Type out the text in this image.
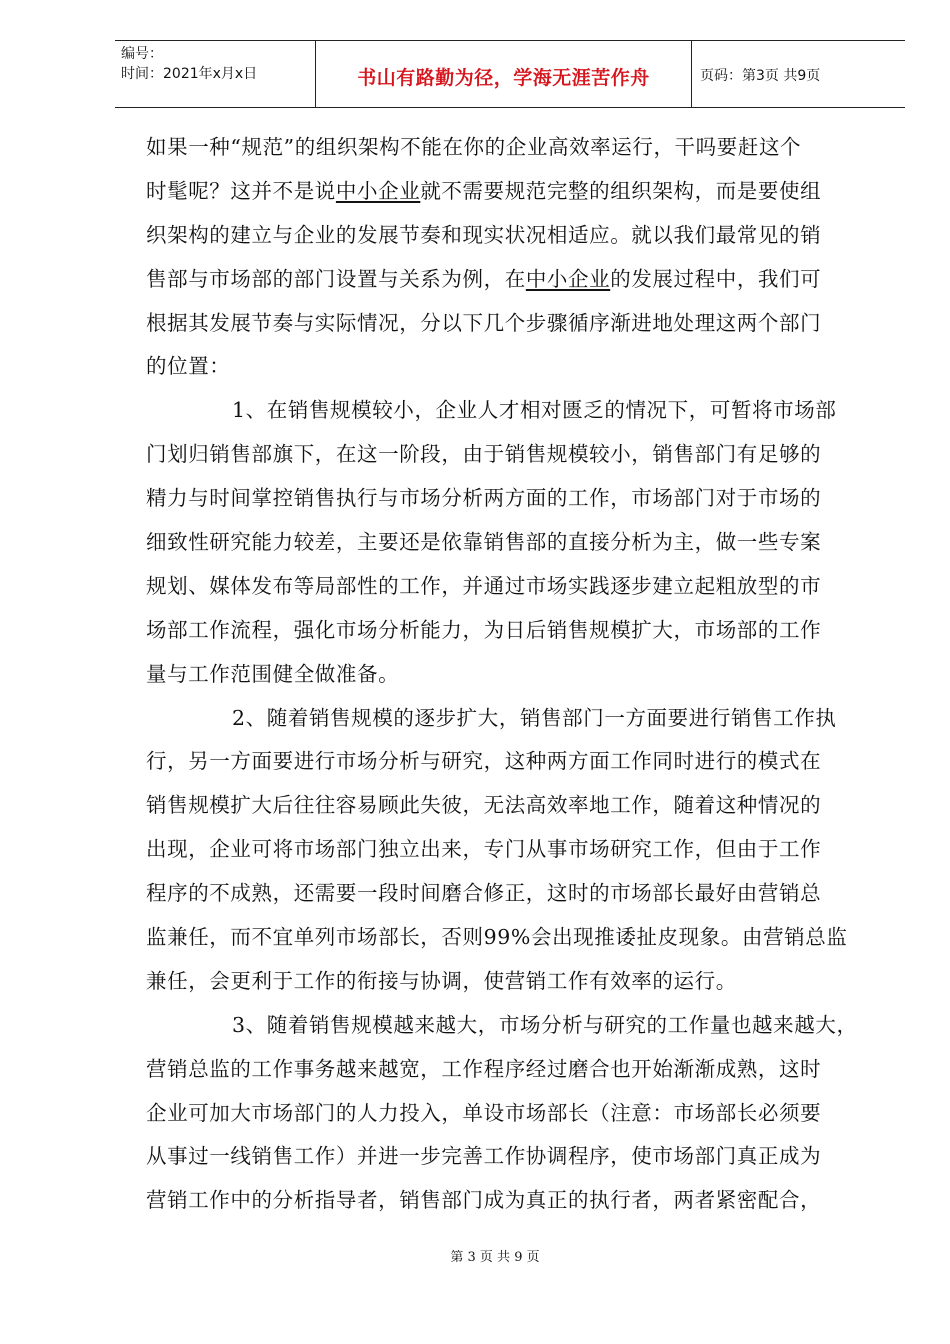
编号：
时间：2021年x月x日	书山有路勤为径，学海无涯苦作舟	页码：第3页 共9页
如果一种“规范”的组织架构不能在你的企业高效率运行，干吗要赶这个
时髦呢？这并不是说中小企业就不需要规范完整的组织架构，而是要使组
织架构的建立与企业的发展节奏和现实状况相适应。就以我们最常见的销
售部与市场部的部门设置与关系为例，在中小企业的发展过程中，我们可
根据其发展节奏与实际情况，分以下几个步骤循序渐进地处理这两个部门
的位置：
1、在销售规模较小，企业人才相对匮乏的情况下，可暂将市场部
门划归销售部旗下，在这一阶段，由于销售规模较小，销售部门有足够的
精力与时间掌控销售执行与市场分析两方面的工作，市场部门对于市场的
细致性研究能力较差，主要还是依靠销售部的直接分析为主，做一些专案
规划、媒体发布等局部性的工作，并通过市场实践逐步建立起粗放型的市
场部工作流程，强化市场分析能力，为日后销售规模扩大，市场部的工作
量与工作范围健全做准备。
2、随着销售规模的逐步扩大，销售部门一方面要进行销售工作执
行，另一方面要进行市场分析与研究，这种两方面工作同时进行的模式在
销售规模扩大后往往容易顾此失彼，无法高效率地工作，随着这种情况的
出现，企业可将市场部门独立出来，专门从事市场研究工作，但由于工作
程序的不成熟，还需要一段时间磨合修正，这时的市场部长最好由营销总
监兼任，而不宜单列市场部长，否则99%会出现推诿扯皮现象。由营销总监
兼任，会更利于工作的衔接与协调，使营销工作有效率的运行。
3、随着销售规模越来越大，市场分析与研究的工作量也越来越大，
营销总监的工作事务越来越宽，工作程序经过磨合也开始渐渐成熟，这时
企业可加大市场部门的人力投入，单设市场部长（注意：市场部长必须要
从事过一线销售工作）并进一步完善工作协调程序，使市场部门真正成为
营销工作中的分析指导者，销售部门成为真正的执行者，两者紧密配合，
第 3 页 共 9 页
